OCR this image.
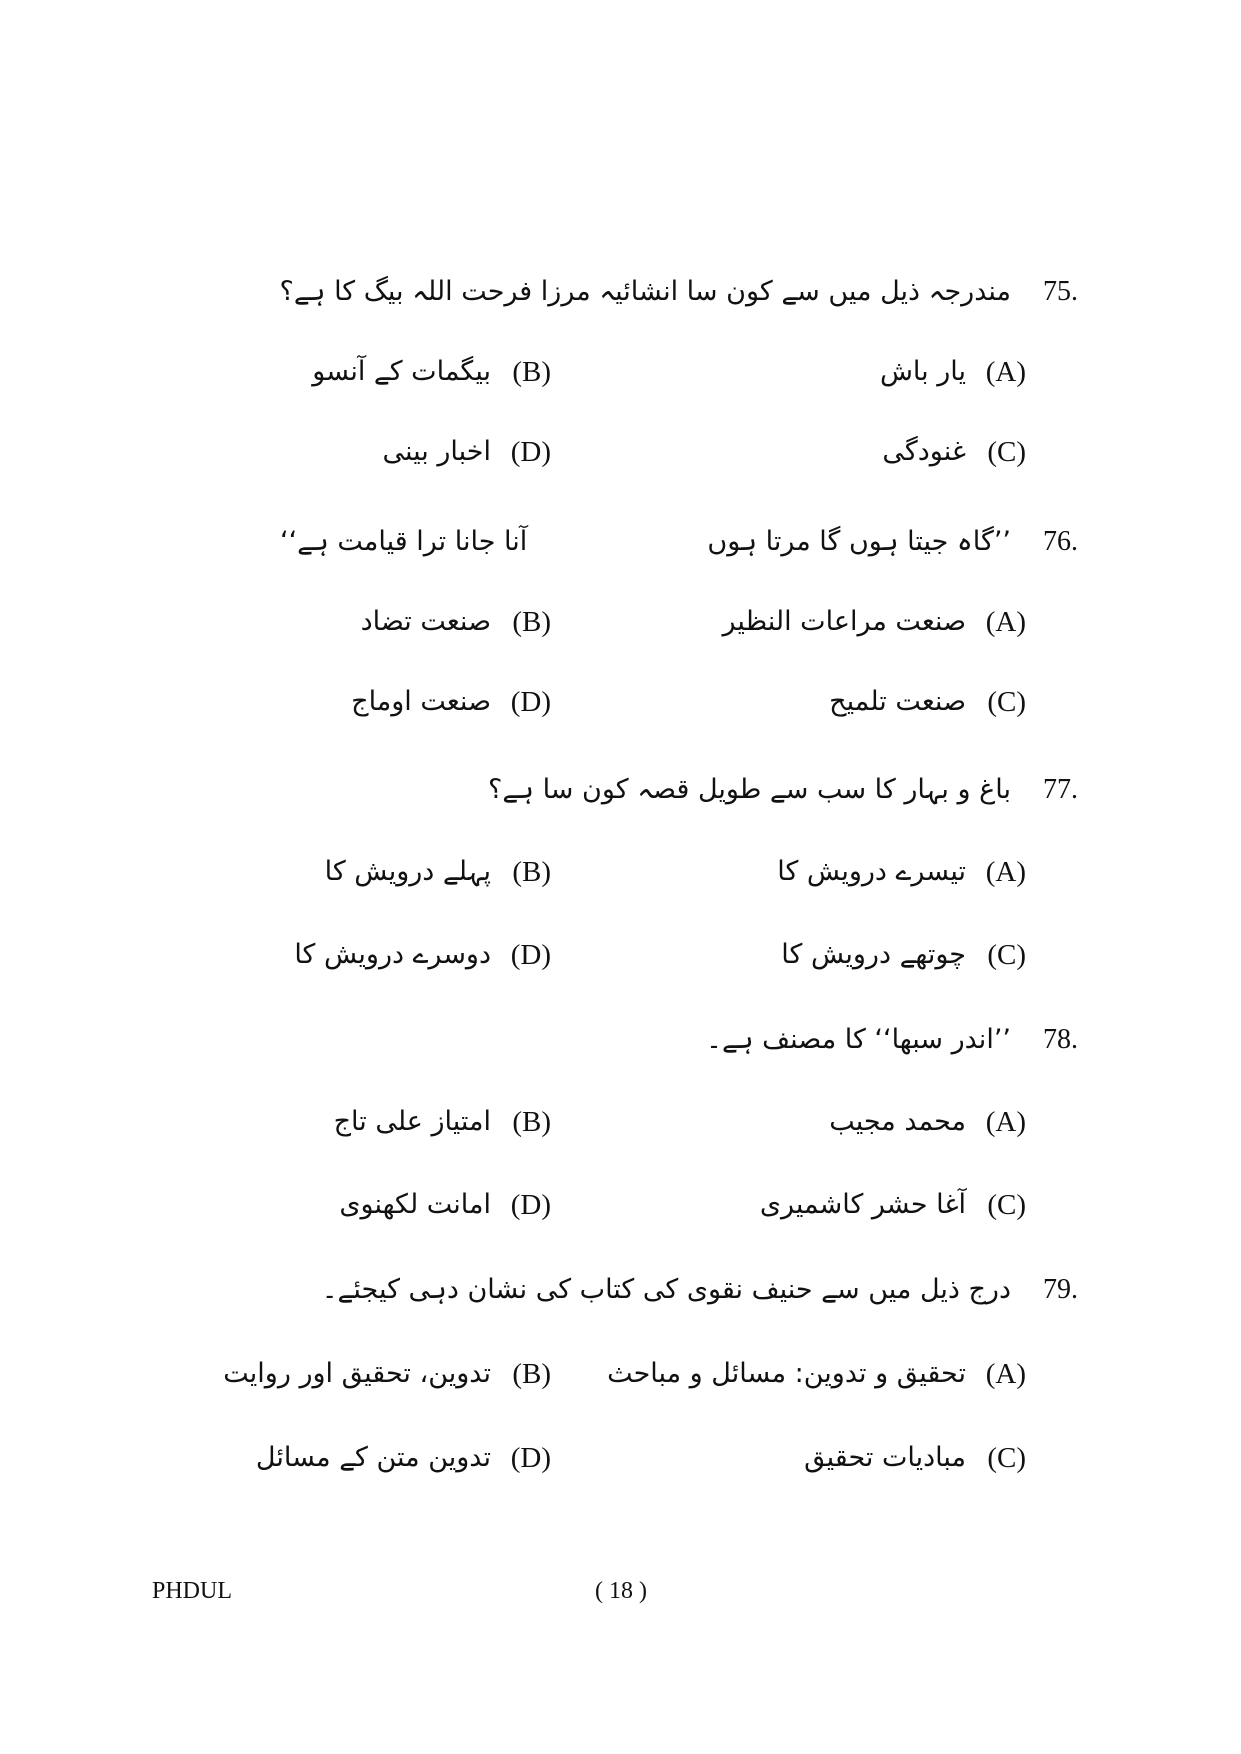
75.
مندرجہ ذیل میں سے کون سا انشائیہ مرزا فرحت اللہ بیگ کا ہے؟
(A)
یار باش
(B)
بیگمات کے آنسو
(C)
غنودگی
(D)
اخبار بینی
76.
’’گاہ جیتا ہوں گا مرتا ہوں
آنا جانا ترا قیامت ہے‘‘
(A)
صنعت مراعات النظیر
(B)
صنعت تضاد
(C)
صنعت تلمیح
(D)
صنعت اوماج
77.
باغ و بہار کا سب سے طویل قصہ کون سا ہے؟
(A)
تیسرے درویش کا
(B)
پہلے درویش کا
(C)
چوتھے درویش کا
(D)
دوسرے درویش کا
78.
’’اندر سبھا‘‘ کا مصنف ہے۔
(A)
محمد مجیب
(B)
امتیاز علی تاج
(C)
آغا حشر کاشمیری
(D)
امانت لکھنوی
79.
درج ذیل میں سے حنیف نقوی کی کتاب کی نشان دہی کیجئے۔
(A)
تحقیق و تدوین: مسائل و مباحث
(B)
تدوین، تحقیق اور روایت
(C)
مبادیات تحقیق
(D)
تدوین متن کے مسائل
PHDUL	( 18 )
